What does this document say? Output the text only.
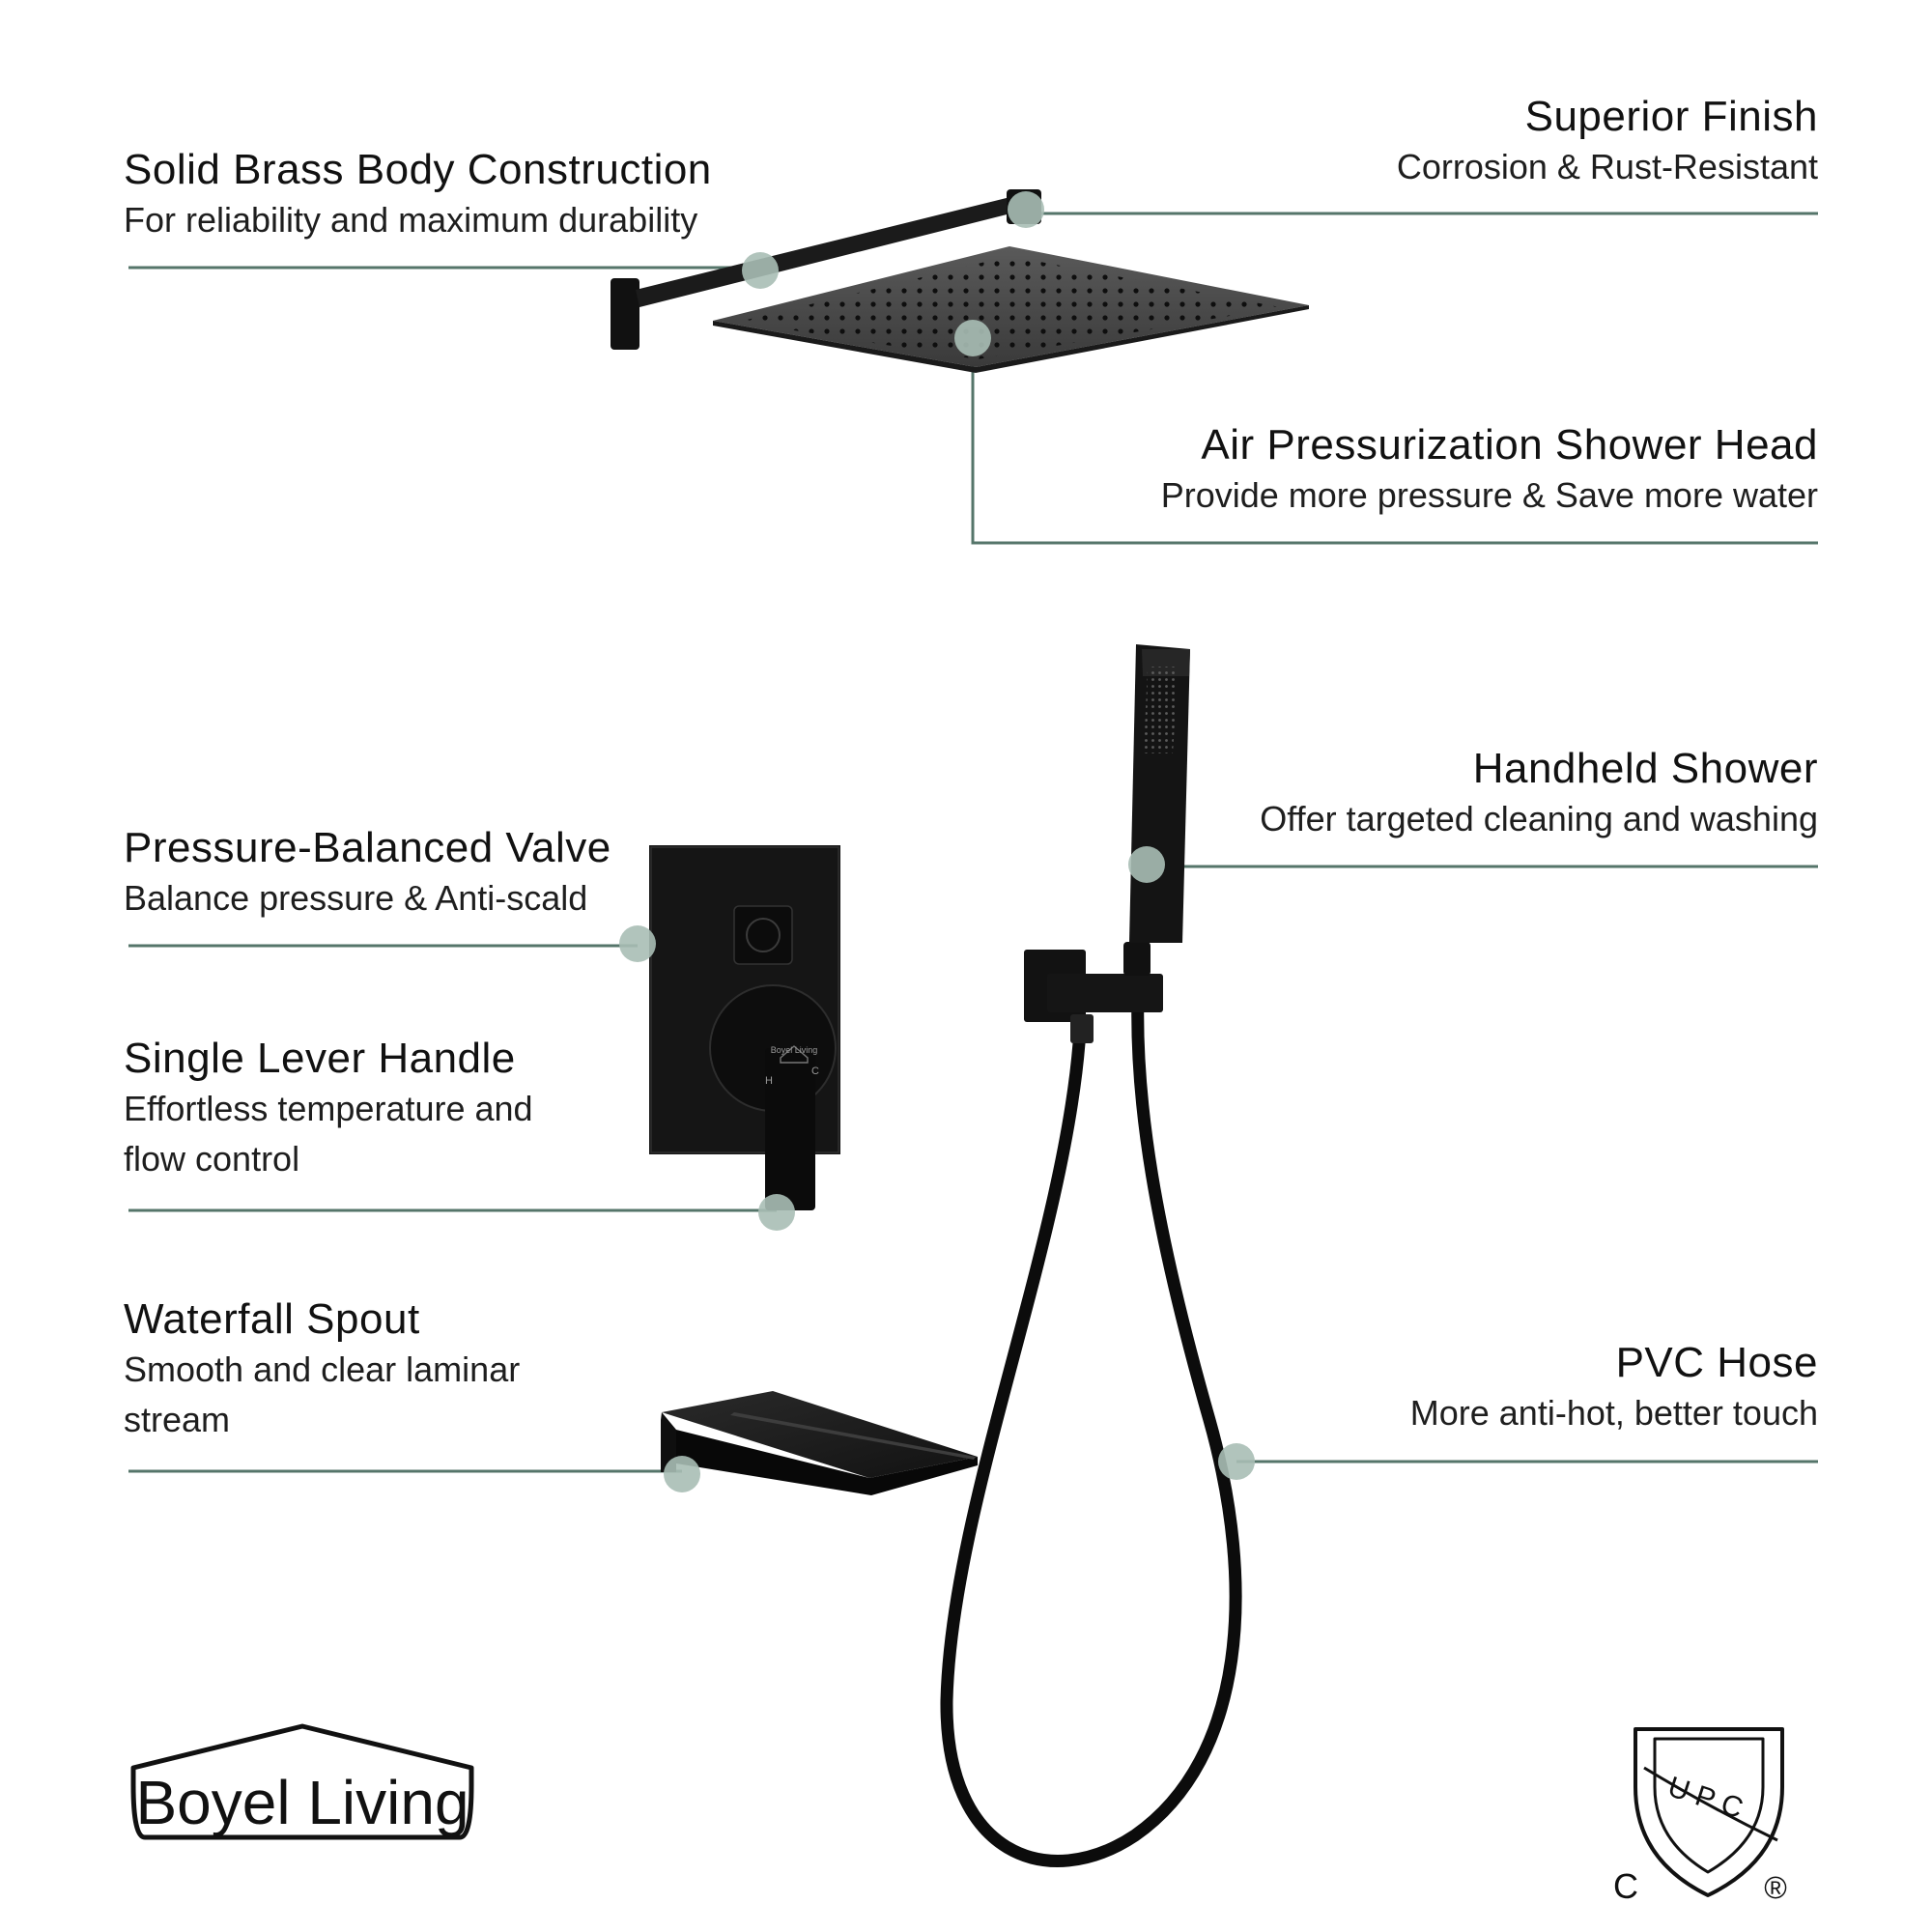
Boyel Living
H
C
Boyel Living	UPC
C	®
Solid Brass Body Construction
For reliability and maximum durability
Superior Finish
Corrosion & Rust-Resistant
Air Pressurization Shower Head
Provide more pressure & Save more water
Handheld Shower
Offer targeted cleaning and washing
Pressure-Balanced Valve
Balance pressure & Anti-scald
Single Lever Handle
Effortless temperature and flow control
Waterfall Spout
Smooth and clear laminar stream
PVC Hose
More anti-hot, better touch
